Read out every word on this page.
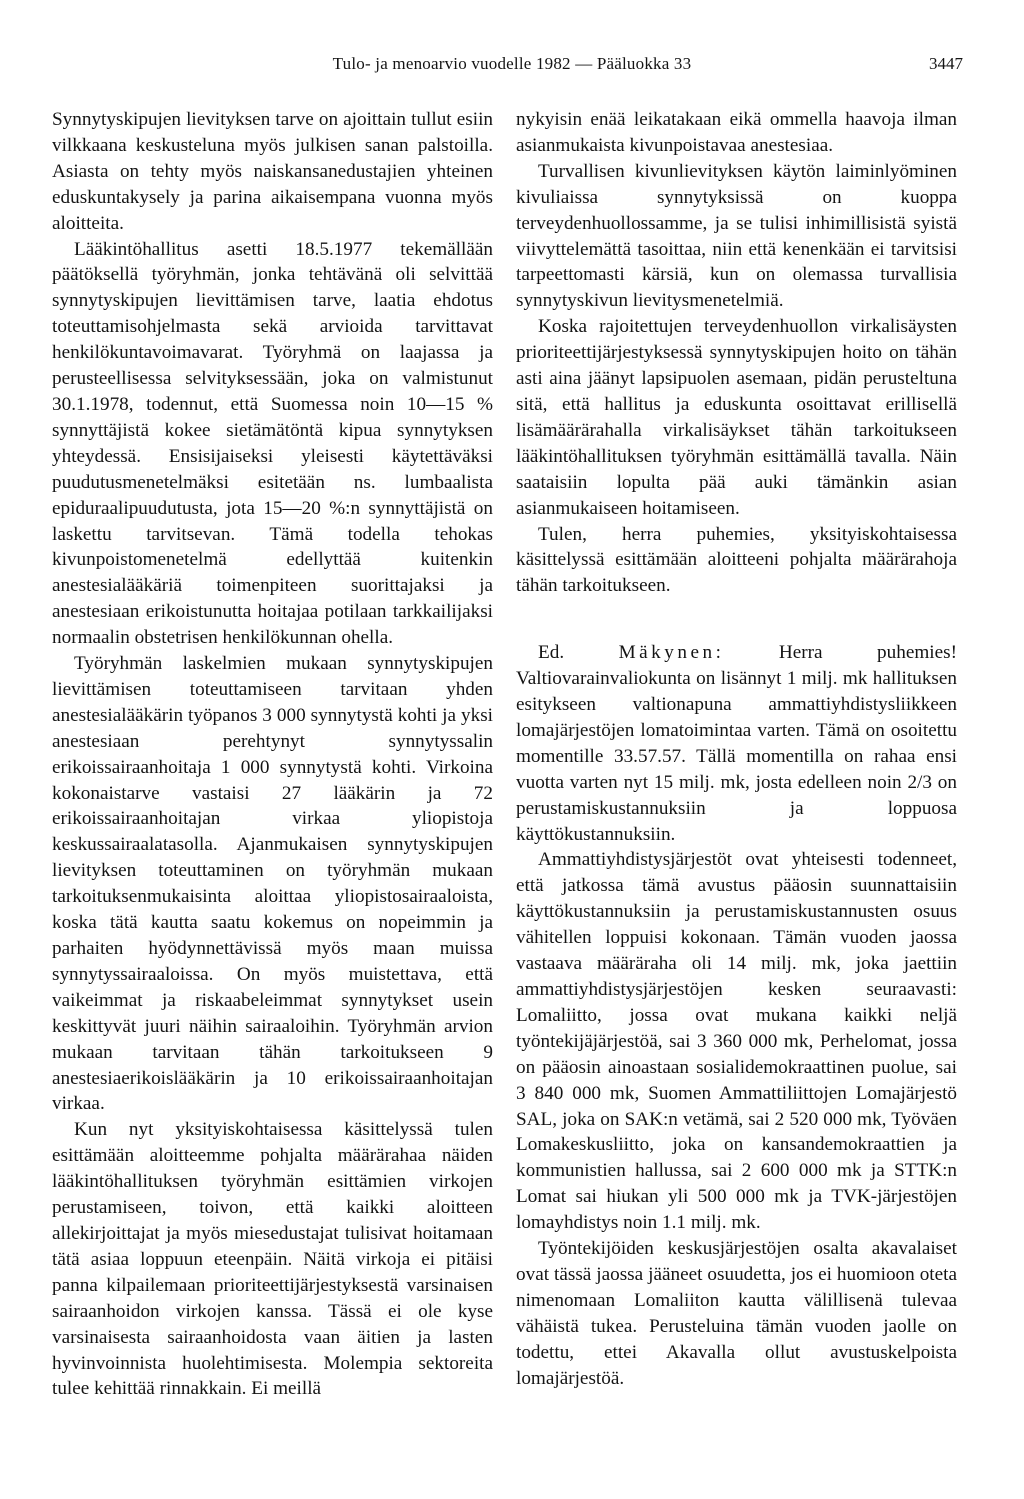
Tulo- ja menoarvio vuodelle 1982 — Pääluokka 33	3447

Synnytyskipujen lievityksen tarve on ajoittain tullut esiin vilkkaana keskusteluna myös julkisen sanan palstoilla. Asiasta on tehty myös naiskansanedustajien yhteinen eduskuntakysely ja parina aikaisempana vuonna myös aloitteita.

Lääkintöhallitus asetti 18.5.1977 tekemällään päätöksellä työryhmän, jonka tehtävänä oli selvittää synnytyskipujen lievittämisen tarve, laatia ehdotus toteuttamisohjelmasta sekä arvioida tarvittavat henkilökuntavoimavarat. Työryhmä on laajassa ja perusteellisessa selvityksessään, joka on valmistunut 30.1.1978, todennut, että Suomessa noin 10—15 % synnyttäjistä kokee sietämätöntä kipua synnytyksen yhteydessä. Ensisijaiseksi yleisesti käytettäväksi puudutusmenetelmäksi esitetään ns. lumbaalista epiduraalipuudutusta, jota 15—20 %:n synnyttäjistä on laskettu tarvitsevan. Tämä todella tehokas kivunpoistomenetelmä edellyttää kuitenkin anestesialääkäriä toimenpiteen suorittajaksi ja anestesiaan erikoistunutta hoitajaa potilaan tarkkailijaksi normaalin obstetrisen henkilökunnan ohella.

Työryhmän laskelmien mukaan synnytyskipujen lievittämisen toteuttamiseen tarvitaan yhden anestesialääkärin työpanos 3 000 synnytystä kohti ja yksi anestesiaan perehtynyt synnytyssalin erikoissairaanhoitaja 1 000 synnytystä kohti. Virkoina kokonaistarve vastaisi 27 lääkärin ja 72 erikoissairaanhoitajan virkaa yliopistoja keskussairaalatasolla. Ajanmukaisen synnytyskipujen lievityksen toteuttaminen on työryhmän mukaan tarkoituksenmukaisinta aloittaa yliopistosairaaloista, koska tätä kautta saatu kokemus on nopeimmin ja parhaiten hyödynnettävissä myös maan muissa synnytyssairaaloissa. On myös muistettava, että vaikeimmat ja riskaabeleimmat synnytykset usein keskittyvät juuri näihin sairaaloihin. Työryhmän arvion mukaan tarvitaan tähän tarkoitukseen 9 anestesiaerikoislääkärin ja 10 erikoissairaanhoitajan virkaa.

Kun nyt yksityiskohtaisessa käsittelyssä tulen esittämään aloitteemme pohjalta määrärahaa näiden lääkintöhallituksen työryhmän esittämien virkojen perustamiseen, toivon, että kaikki aloitteen allekirjoittajat ja myös miesedustajat tulisivat hoitamaan tätä asiaa loppuun eteenpäin. Näitä virkoja ei pitäisi panna kilpailemaan prioriteettijärjestyksestä varsinaisen sairaanhoidon virkojen kanssa. Tässä ei ole kyse varsinaisesta sairaanhoidosta vaan äitien ja lasten hyvinvoinnista huolehtimisesta. Molempia sektoreita tulee kehittää rinnakkain. Ei meillä

nykyisin enää leikatakaan eikä ommella haavoja ilman asianmukaista kivunpoistavaa anestesiaa.

Turvallisen kivunlievityksen käytön laiminlyöminen kivuliaissa synnytyksissä on kuoppa terveydenhuollossamme, ja se tulisi inhimillisistä syistä viivyttelemättä tasoittaa, niin että kenenkään ei tarvitsisi tarpeettomasti kärsiä, kun on olemassa turvallisia synnytyskivun lievitysmenetelmiä.

Koska rajoitettujen terveydenhuollon virkalisäysten prioriteettijärjestyksessä synnytyskipujen hoito on tähän asti aina jäänyt lapsipuolen asemaan, pidän perusteltuna sitä, että hallitus ja eduskunta osoittavat erillisellä lisämäärärahalla virkalisäykset tähän tarkoitukseen lääkintöhallituksen työryhmän esittämällä tavalla. Näin saataisiin lopulta pää auki tämänkin asian asianmukaiseen hoitamiseen.

Tulen, herra puhemies, yksityiskohtaisessa käsittelyssä esittämään aloitteeni pohjalta määrärahoja tähän tarkoitukseen.

Ed.	Mäkynen:	Herra puhemies! Valtiovarainvaliokunta on lisännyt 1 milj. mk hallituksen esitykseen valtionapuna ammattiyhdistysliikkeen lomajärjestöjen lomatoimintaa varten. Tämä on osoitettu momentille 33.57.57. Tällä momentilla on rahaa ensi vuotta varten nyt 15 milj. mk, josta edelleen noin 2/3 on perustamiskustannuksiin ja loppuosa käyttökustannuksiin.

Ammattiyhdistysjärjestöt ovat yhteisesti todenneet, että jatkossa tämä avustus pääosin suunnattaisiin käyttökustannuksiin ja perustamiskustannusten osuus vähitellen loppuisi kokonaan. Tämän vuoden jaossa vastaava määräraha oli 14 milj. mk, joka jaettiin ammattiyhdistysjärjestöjen kesken seuraavasti: Lomaliitto, jossa ovat mukana kaikki neljä työntekijäjärjestöä, sai 3 360 000 mk, Perhelomat, jossa on pääosin ainoastaan sosialidemokraattinen puolue, sai 3 840 000 mk, Suomen Ammattiliittojen Lomajärjestö SAL, joka on SAK:n vetämä, sai 2 520 000 mk, Työväen Lomakeskusliitto, joka on kansandemokraattien ja kommunistien hallussa, sai 2 600 000 mk ja STTK:n Lomat sai hiukan yli 500 000 mk ja TVK-järjestöjen lomayhdistys noin 1.1 milj. mk.

Työntekijöiden keskusjärjestöjen osalta akavalaiset ovat tässä jaossa jääneet osuudetta, jos ei huomioon oteta nimenomaan Lomaliiton kautta välillisenä tulevaa vähäistä tukea. Perusteluina tämän vuoden jaolle on todettu, ettei Akavalla ollut avustuskelpoista lomajärjestöä.
